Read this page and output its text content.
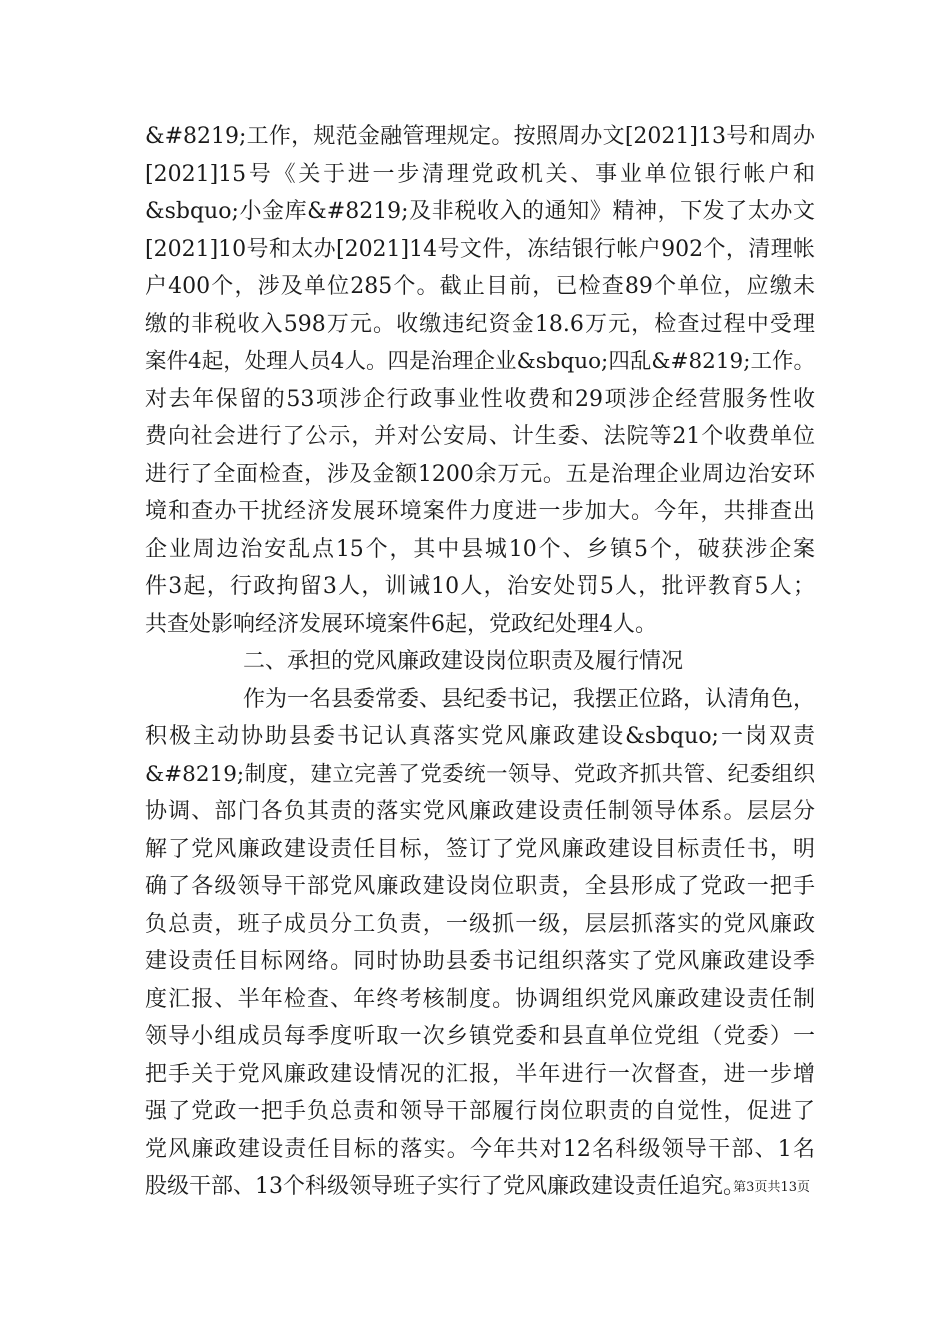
&#8219;工作，规范金融管理规定。按照周办文[2021]13号和周办
[2021]15号《关于进一步清理党政机关、事业单位银行帐户和
&sbquo;小金库&#8219;及非税收入的通知》精神，下发了太办文
[2021]10号和太办[2021]14号文件，冻结银行帐户902个，清理帐
户400个，涉及单位285个。截止目前，已检查89个单位，应缴未
缴的非税收入598万元。收缴违纪资金18.6万元，检查过程中受理
案件4起，处理人员4人。四是治理企业&sbquo;四乱&#8219;工作。
对去年保留的53项涉企行政事业性收费和29项涉企经营服务性收
费向社会进行了公示，并对公安局、计生委、法院等21个收费单位
进行了全面检查，涉及金额1200余万元。五是治理企业周边治安环
境和查办干扰经济发展环境案件力度进一步加大。今年，共排查出
企业周边治安乱点15个，其中县城10个、乡镇5个，破获涉企案
件3起，行政拘留3人，训诫10人，治安处罚5人，批评教育5人；
共查处影响经济发展环境案件6起，党政纪处理4人。
二、承担的党风廉政建设岗位职责及履行情况
作为一名县委常委、县纪委书记，我摆正位路，认清角色，
积极主动协助县委书记认真落实党风廉政建设&sbquo;一岗双责
&#8219;制度，建立完善了党委统一领导、党政齐抓共管、纪委组织
协调、部门各负其责的落实党风廉政建设责任制领导体系。层层分
解了党风廉政建设责任目标，签订了党风廉政建设目标责任书，明
确了各级领导干部党风廉政建设岗位职责，全县形成了党政一把手
负总责，班子成员分工负责，一级抓一级，层层抓落实的党风廉政
建设责任目标网络。同时协助县委书记组织落实了党风廉政建设季
度汇报、半年检查、年终考核制度。协调组织党风廉政建设责任制
领导小组成员每季度听取一次乡镇党委和县直单位党组（党委）一
把手关于党风廉政建设情况的汇报，半年进行一次督查，进一步增
强了党政一把手负总责和领导干部履行岗位职责的自觉性，促进了
党风廉政建设责任目标的落实。今年共对12名科级领导干部、1名
股级干部、13个科级领导班子实行了党风廉政建设责任追究。
第3页共13页
